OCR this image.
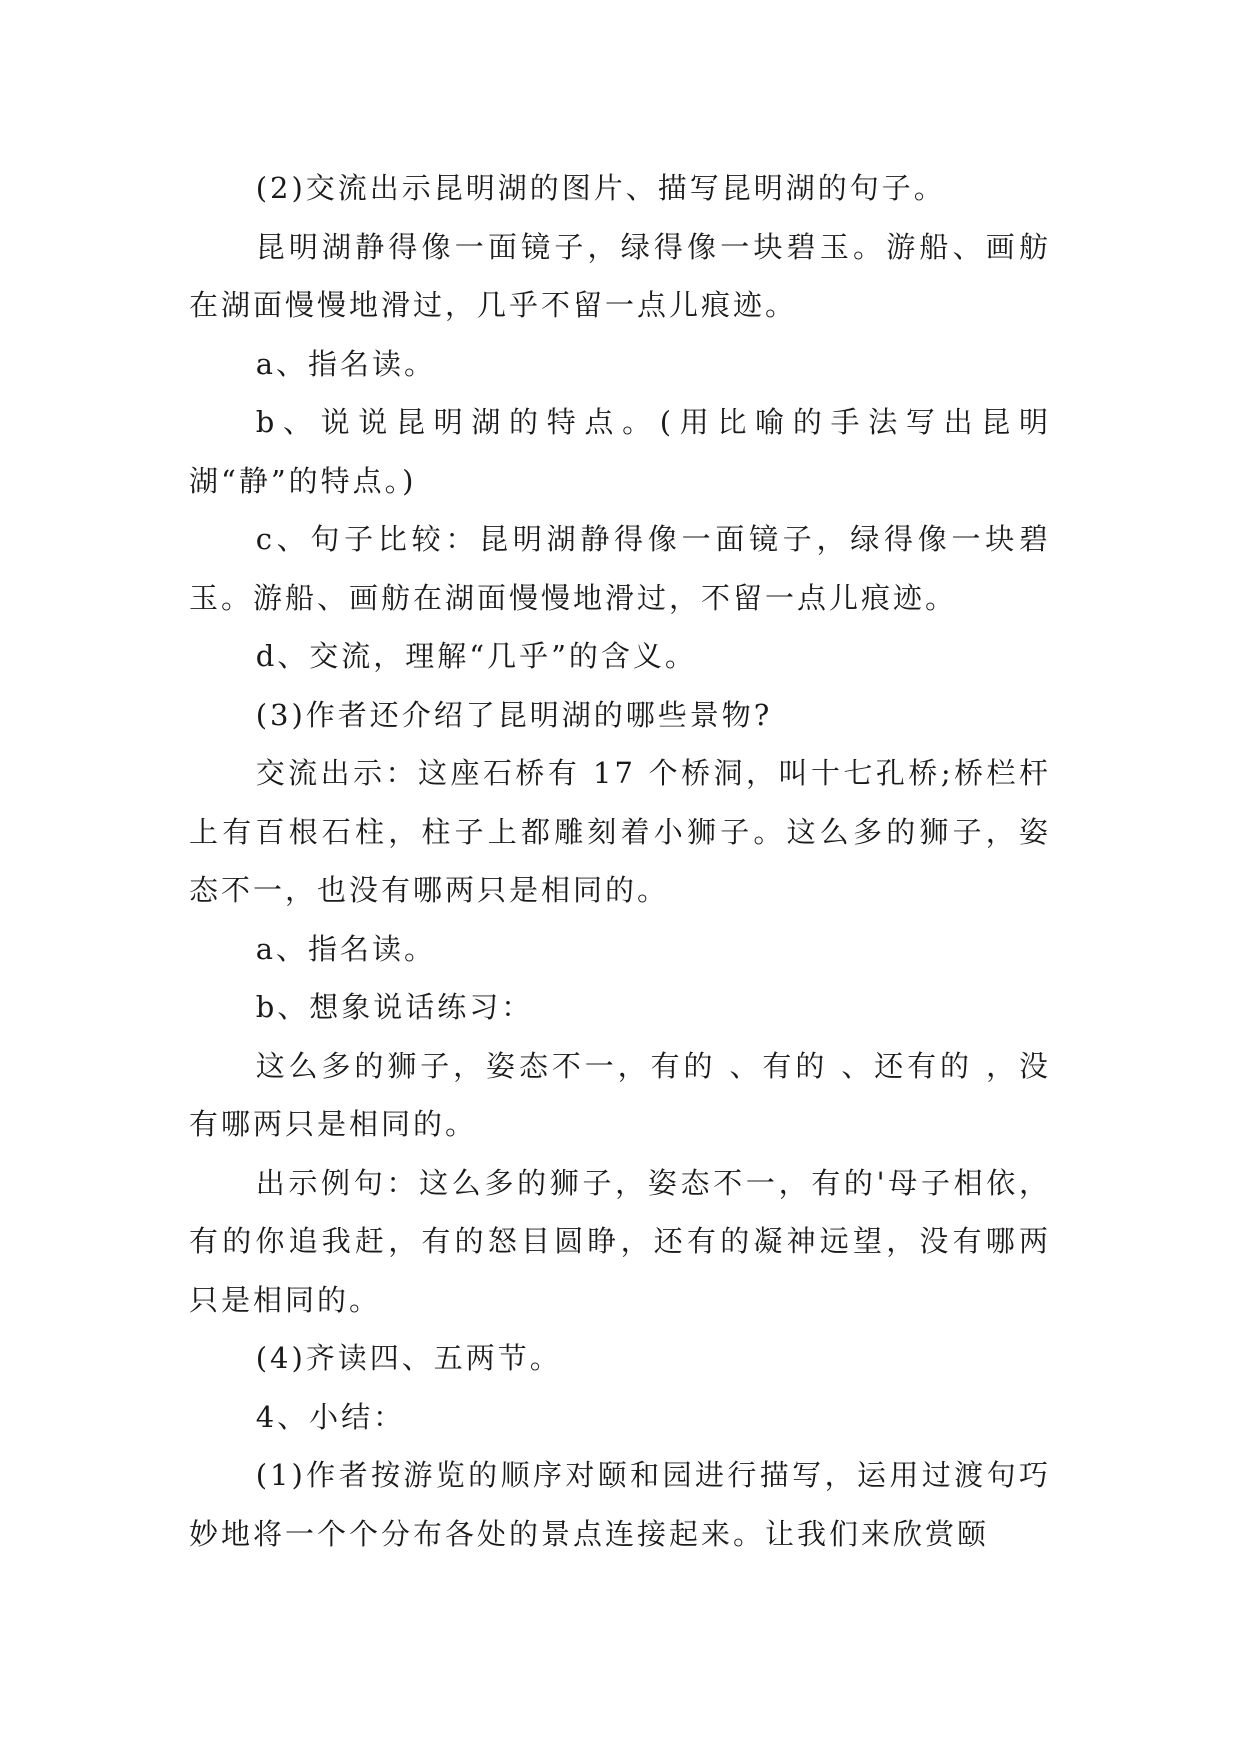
(2)交流出示昆明湖的图片、描写昆明湖的句子。

昆明湖静得像一面镜子，绿得像一块碧玉。游船、画舫在湖面慢慢地滑过，几乎不留一点儿痕迹。

a、指名读。

b、说说昆明湖的特点。(用比喻的手法写出昆明湖“静”的特点。)

c、句子比较：昆明湖静得像一面镜子，绿得像一块碧玉。游船、画舫在湖面慢慢地滑过，不留一点儿痕迹。

d、交流，理解“几乎”的含义。

(3)作者还介绍了昆明湖的哪些景物?

交流出示：这座石桥有 17 个桥洞，叫十七孔桥;桥栏杆上有百根石柱，柱子上都雕刻着小狮子。这么多的狮子，姿态不一，也没有哪两只是相同的。

a、指名读。

b、想象说话练习：

这么多的狮子，姿态不一，有的 、有的 、还有的 ，没有哪两只是相同的。

出示例句：这么多的狮子，姿态不一，有的'母子相依，有的你追我赶，有的怒目圆睁，还有的凝神远望，没有哪两只是相同的。

(4)齐读四、五两节。

4、小结：

(1)作者按游览的顺序对颐和园进行描写，运用过渡句巧妙地将一个个分布各处的景点连接起来。让我们来欣赏颐
